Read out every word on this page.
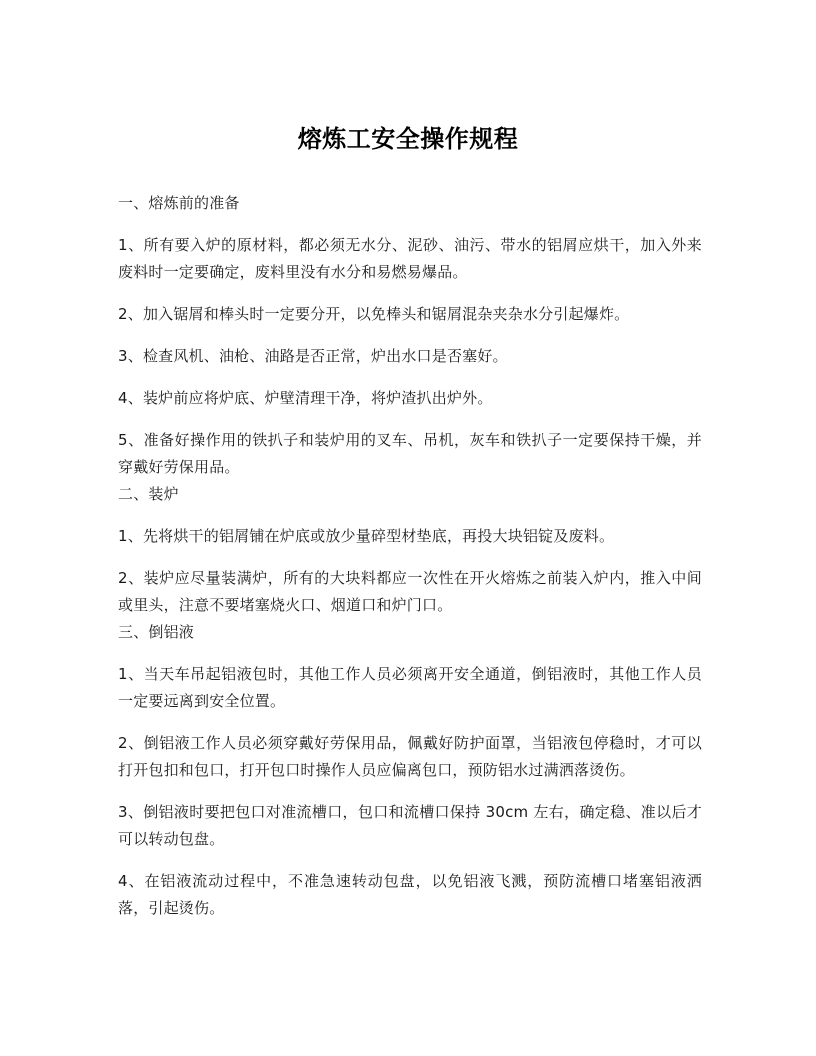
熔炼工安全操作规程

一、熔炼前的准备

1、所有要入炉的原材料，都必须无水分、泥砂、油污、带水的铝屑应烘干，加入外来废料时一定要确定，废料里没有水分和易燃易爆品。

2、加入锯屑和棒头时一定要分开，以免棒头和锯屑混杂夹杂水分引起爆炸。

3、检查风机、油枪、油路是否正常，炉出水口是否塞好。

4、装炉前应将炉底、炉壁清理干净，将炉渣扒出炉外。

5、准备好操作用的铁扒子和装炉用的叉车、吊机，灰车和铁扒子一定要保持干燥，并穿戴好劳保用品。

二、装炉

1、先将烘干的铝屑铺在炉底或放少量碎型材垫底，再投大块铝锭及废料。

2、装炉应尽量装满炉，所有的大块料都应一次性在开火熔炼之前装入炉内，推入中间或里头，注意不要堵塞烧火口、烟道口和炉门口。

三、倒铝液

1、当天车吊起铝液包时，其他工作人员必须离开安全通道，倒铝液时，其他工作人员一定要远离到安全位置。

2、倒铝液工作人员必须穿戴好劳保用品，佩戴好防护面罩，当铝液包停稳时，才可以打开包扣和包口，打开包口时操作人员应偏离包口，预防铝水过满洒落烫伤。

3、倒铝液时要把包口对准流槽口，包口和流槽口保持 30cm 左右，确定稳、准以后才可以转动包盘。

4、在铝液流动过程中，不准急速转动包盘，以免铝液飞溅，预防流槽口堵塞铝液洒落，引起烫伤。
